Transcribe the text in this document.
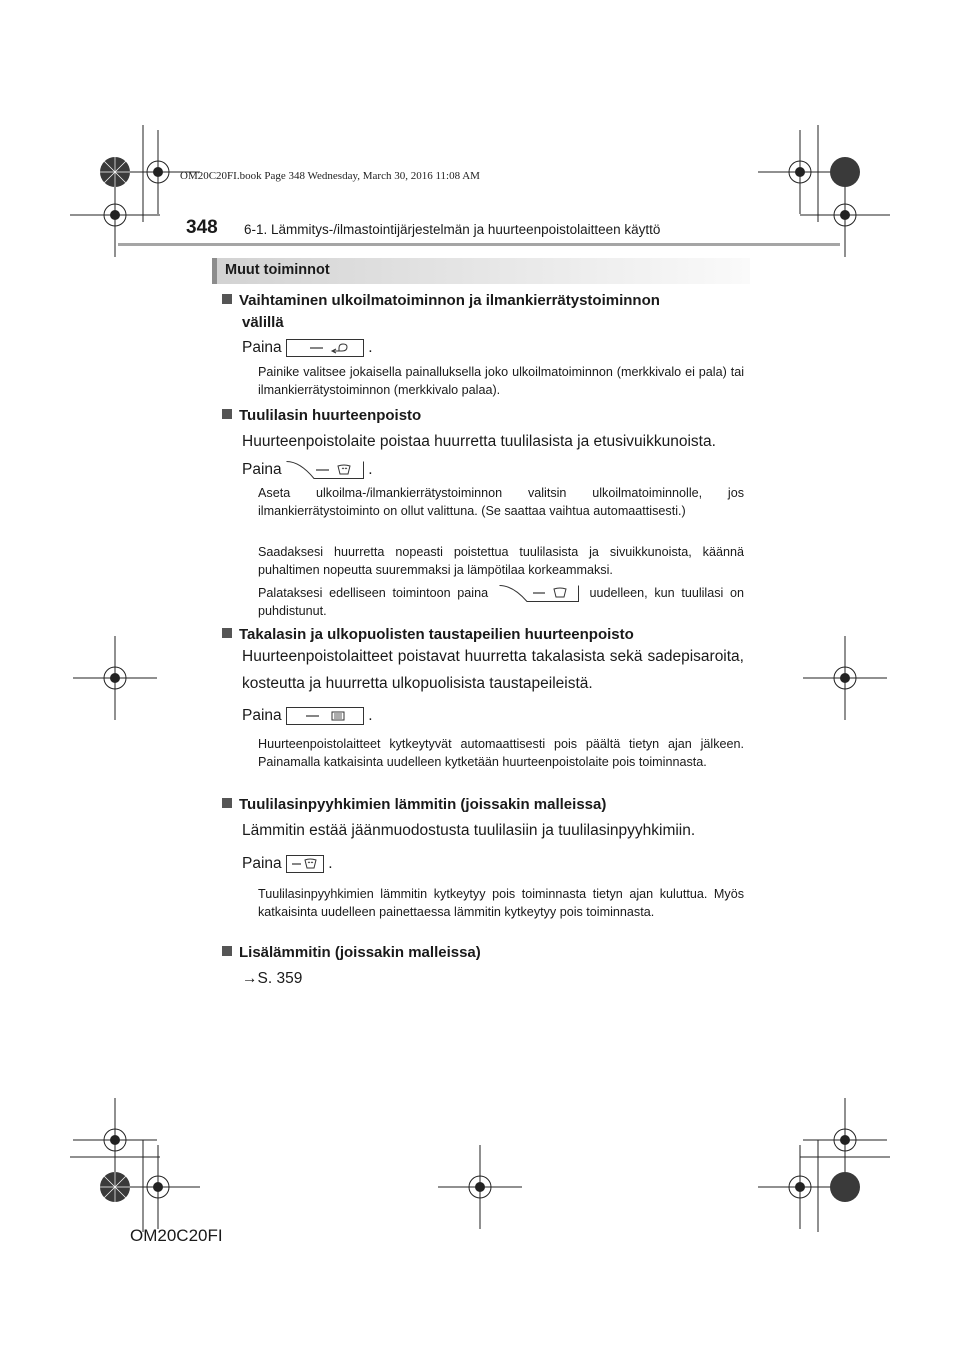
OM20C20FI.book Page 348 Wednesday, March 30, 2016 11:08 AM
348 6-1. Lämmitys-/ilmastointijärjestelmän ja huurteenpoistolaitteen käyttö
Muut toiminnot
Vaihtaminen ulkoilmatoiminnon ja ilmankierrätystoiminnon
välillä
Paina	.
Painike valitsee jokaisella painalluksella joko ulkoilmatoiminnon (merkkivalo ei pala) tai ilmankierrätystoiminnon (merkkivalo palaa).
Tuulilasin huurteenpoisto
Huurteenpoistolaite poistaa huurretta tuulilasista ja etusivuikkunoista.
Paina	.
Aseta ulkoilma-/ilmankierrätystoiminnon valitsin ulkoilmatoiminnolle, jos ilmankierrätystoiminto on ollut valittuna. (Se saattaa vaihtua automaattisesti.)
Saadaksesi huurretta nopeasti poistettua tuulilasista ja sivuikkunoista, käännä puhaltimen nopeutta suuremmaksi ja lämpötilaa korkeammaksi.
Palataksesi edelliseen toimintoon paina	uudelleen, kun tuulilasi on puhdistunut.
Takalasin ja ulkopuolisten taustapeilien huurteenpoisto
Huurteenpoistolaitteet poistavat huurretta takalasista sekä sadepisaroita, kosteutta ja huurretta ulkopuolisista taustapeileistä.
Paina	.
Huurteenpoistolaitteet kytkeytyvät automaattisesti pois päältä tietyn ajan jälkeen. Painamalla katkaisinta uudelleen kytketään huurteenpoistolaite pois toiminnasta.
Tuulilasinpyyhkimien lämmitin (joissakin malleissa)
Lämmitin estää jäänmuodostusta tuulilasiin ja tuulilasinpyyhkimiin.
Paina	.
Tuulilasinpyyhkimien lämmitin kytkeytyy pois toiminnasta tietyn ajan kuluttua. Myös katkaisinta uudelleen painettaessa lämmitin kytkeytyy pois toiminnasta.
Lisälämmitin (joissakin malleissa)
→S. 359
OM20C20FI
